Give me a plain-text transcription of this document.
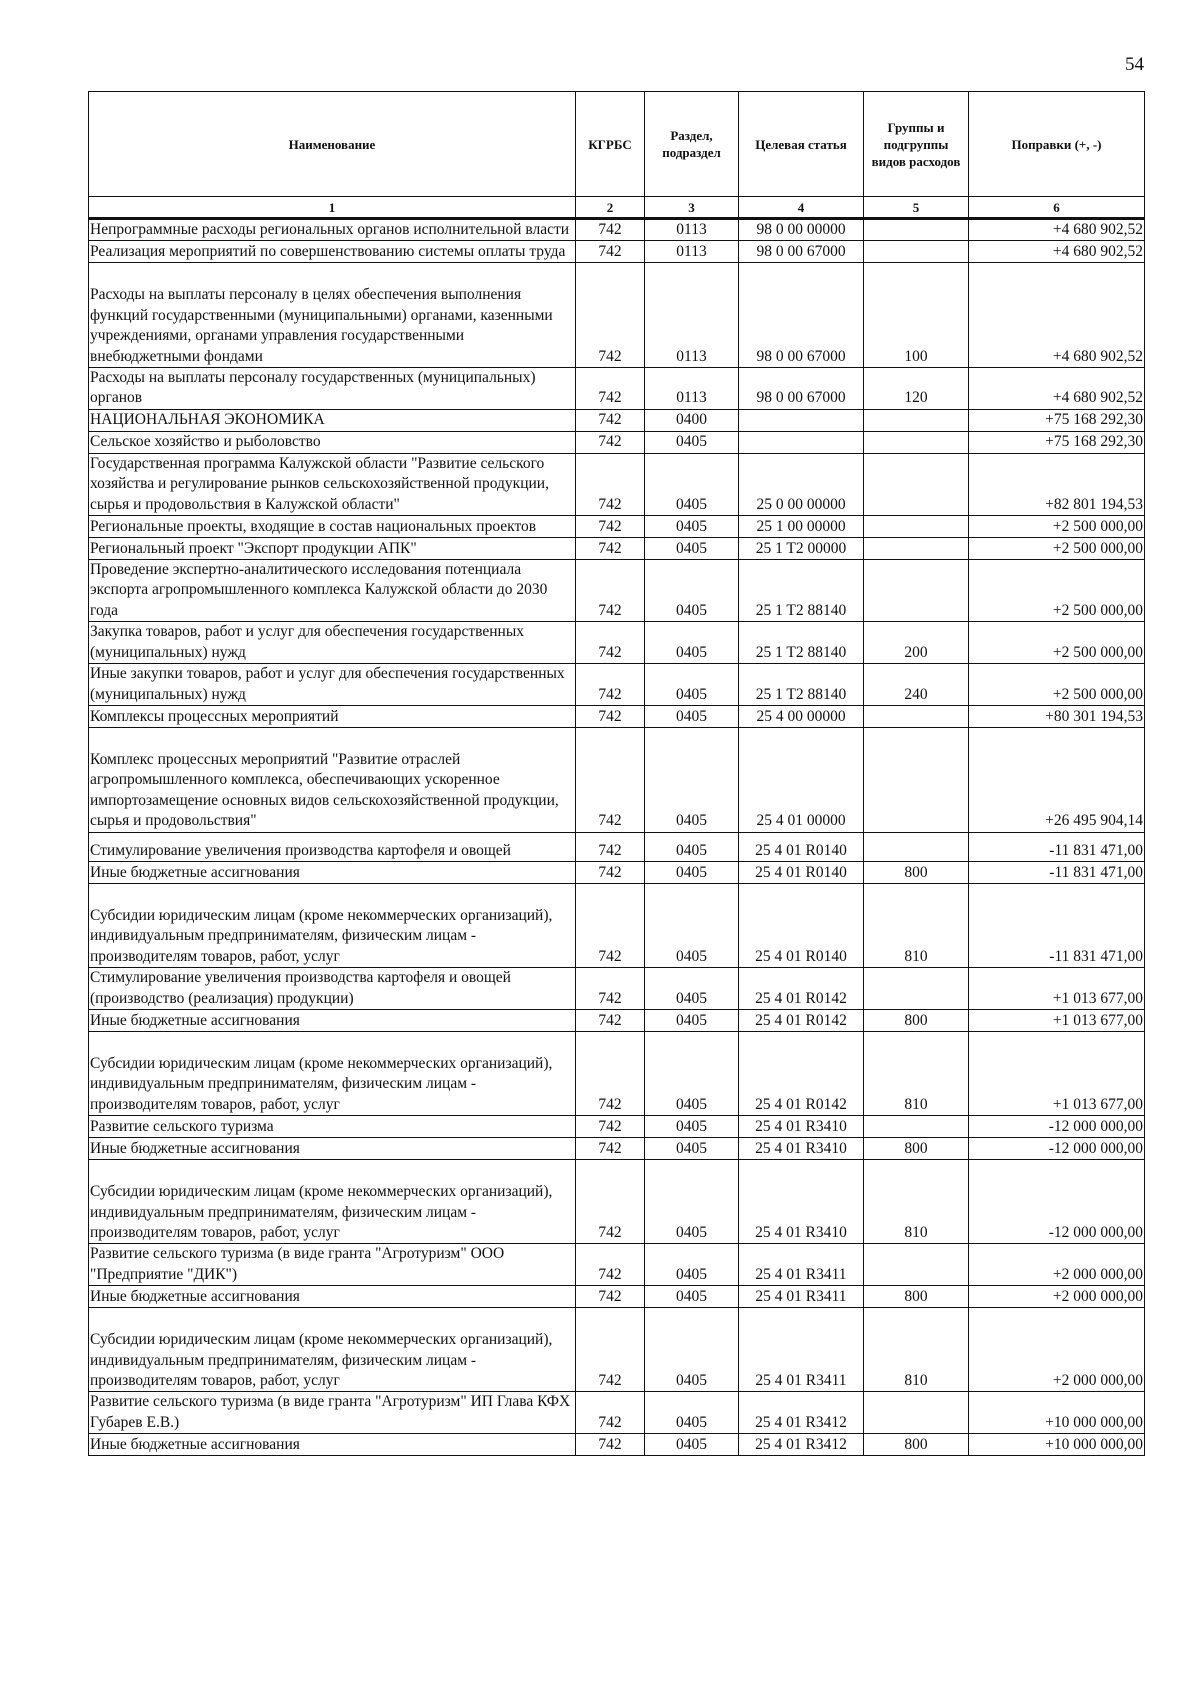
54
Наименование	КГРБС	Раздел, подраздел	Целевая статья	Группы и подгруппы видов расходов	Поправки (+, -)
1	2	3	4	5	6
Непрограммные расходы региональных органов исполнительной власти	742	0113	98 0 00 00000		+4 680 902,52
Реализация мероприятий по совершенствованию системы оплаты труда	742	0113	98 0 00 67000		+4 680 902,52
Расходы на выплаты персоналу в целях обеспечения выполнения функций государственными (муниципальными) органами, казенными учреждениями, органами управления государственными внебюджетными фондами	742	0113	98 0 00 67000	100	+4 680 902,52
Расходы на выплаты персоналу государственных (муниципальных) органов	742	0113	98 0 00 67000	120	+4 680 902,52
НАЦИОНАЛЬНАЯ ЭКОНОМИКА	742	0400			+75 168 292,30
Сельское хозяйство и рыболовство	742	0405			+75 168 292,30
Государственная программа Калужской области "Развитие сельского хозяйства и регулирование рынков сельскохозяйственной продукции, сырья и продовольствия в Калужской области"	742	0405	25 0 00 00000		+82 801 194,53
Региональные проекты, входящие в состав национальных проектов	742	0405	25 1 00 00000		+2 500 000,00
Региональный проект "Экспорт продукции АПК"	742	0405	25 1 T2 00000		+2 500 000,00
Проведение экспертно-аналитического исследования потенциала экспорта агропромышленного комплекса Калужской области до 2030 года	742	0405	25 1 T2 88140		+2 500 000,00
Закупка товаров, работ и услуг для обеспечения государственных (муниципальных) нужд	742	0405	25 1 T2 88140	200	+2 500 000,00
Иные закупки товаров, работ и услуг для обеспечения государственных (муниципальных) нужд	742	0405	25 1 T2 88140	240	+2 500 000,00
Комплексы процессных мероприятий	742	0405	25 4 00 00000		+80 301 194,53
Комплекс процессных мероприятий "Развитие отраслей агропромышленного комплекса, обеспечивающих ускоренное импортозамещение основных видов сельскохозяйственной продукции, сырья и продовольствия"	742	0405	25 4 01 00000		+26 495 904,14
Стимулирование увеличения производства картофеля и овощей	742	0405	25 4 01 R0140		-11 831 471,00
Иные бюджетные ассигнования	742	0405	25 4 01 R0140	800	-11 831 471,00
Субсидии юридическим лицам (кроме некоммерческих организаций), индивидуальным предпринимателям, физическим лицам - производителям товаров, работ, услуг	742	0405	25 4 01 R0140	810	-11 831 471,00
Стимулирование увеличения производства картофеля и овощей (производство (реализация) продукции)	742	0405	25 4 01 R0142		+1 013 677,00
Иные бюджетные ассигнования	742	0405	25 4 01 R0142	800	+1 013 677,00
Субсидии юридическим лицам (кроме некоммерческих организаций), индивидуальным предпринимателям, физическим лицам - производителям товаров, работ, услуг	742	0405	25 4 01 R0142	810	+1 013 677,00
Развитие сельского туризма	742	0405	25 4 01 R3410		-12 000 000,00
Иные бюджетные ассигнования	742	0405	25 4 01 R3410	800	-12 000 000,00
Субсидии юридическим лицам (кроме некоммерческих организаций), индивидуальным предпринимателям, физическим лицам - производителям товаров, работ, услуг	742	0405	25 4 01 R3410	810	-12 000 000,00
Развитие сельского туризма (в виде гранта "Агротуризм" ООО "Предприятие "ДИК")	742	0405	25 4 01 R3411		+2 000 000,00
Иные бюджетные ассигнования	742	0405	25 4 01 R3411	800	+2 000 000,00
Субсидии юридическим лицам (кроме некоммерческих организаций), индивидуальным предпринимателям, физическим лицам - производителям товаров, работ, услуг	742	0405	25 4 01 R3411	810	+2 000 000,00
Развитие сельского туризма (в виде гранта "Агротуризм" ИП Глава КФХ Губарев Е.В.)	742	0405	25 4 01 R3412		+10 000 000,00
Иные бюджетные ассигнования	742	0405	25 4 01 R3412	800	+10 000 000,00
